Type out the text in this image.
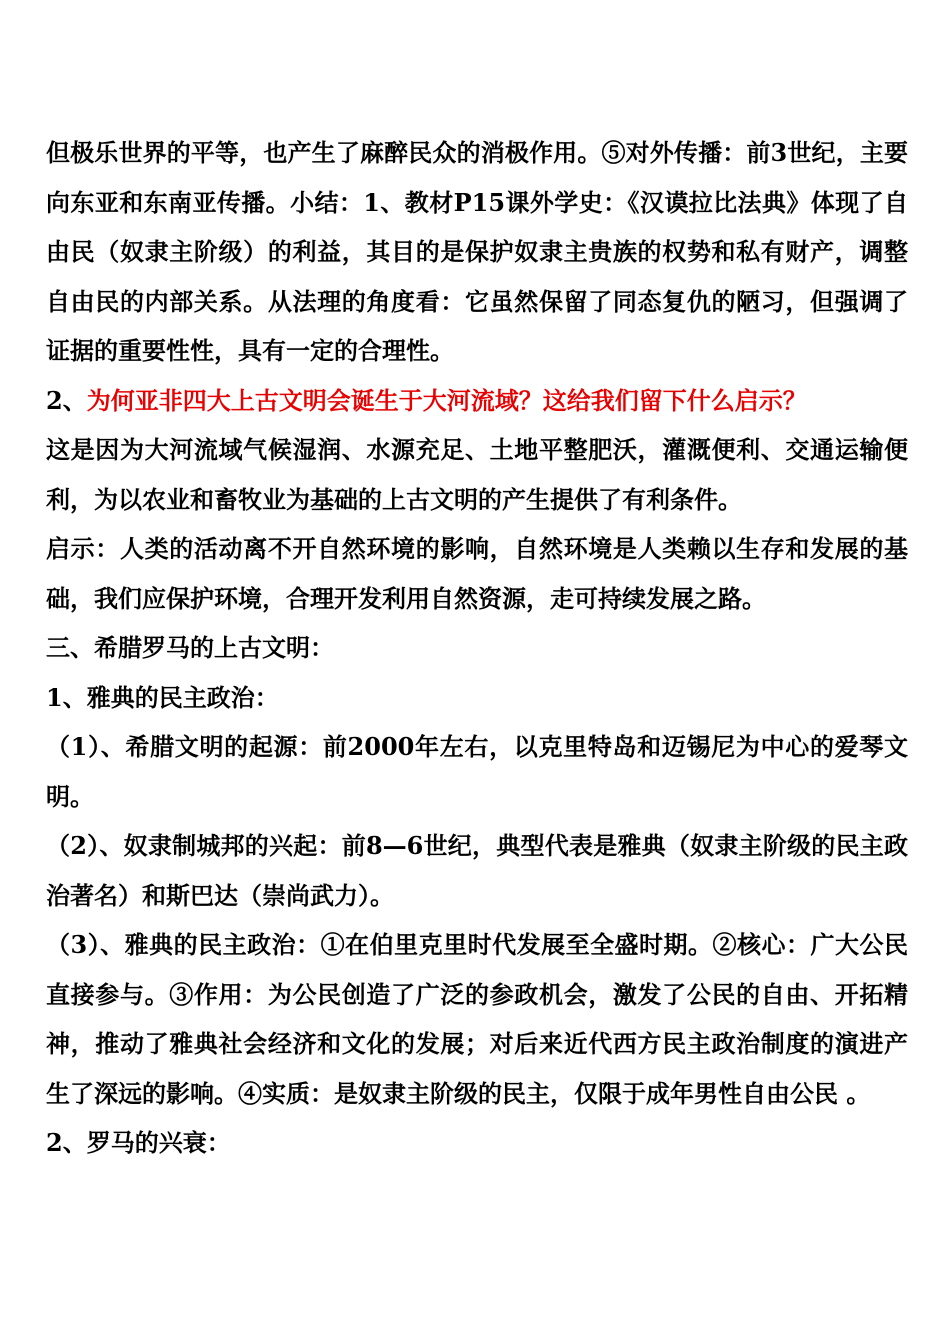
但极乐世界的平等，也产生了麻醉民众的消极作用。⑤对外传播：前3世纪，主要向东亚和东南亚传播。小结：1、教材P15课外学史：《汉谟拉比法典》体现了自由民（奴隶主阶级）的利益，其目的是保护奴隶主贵族的权势和私有财产，调整自由民的内部关系。从法理的角度看：它虽然保留了同态复仇的陋习，但强调了证据的重要性性，具有一定的合理性。

2、为何亚非四大上古文明会诞生于大河流域？这给我们留下什么启示？

这是因为大河流域气候湿润、水源充足、土地平整肥沃，灌溉便利、交通运输便利，为以农业和畜牧业为基础的上古文明的产生提供了有利条件。

启示：人类的活动离不开自然环境的影响，自然环境是人类赖以生存和发展的基础，我们应保护环境，合理开发利用自然资源，走可持续发展之路。

三、希腊罗马的上古文明：

1、雅典的民主政治：

（1）、希腊文明的起源：前2000年左右，以克里特岛和迈锡尼为中心的爱琴文明。

（2）、奴隶制城邦的兴起：前8—6世纪，典型代表是雅典（奴隶主阶级的民主政治著名）和斯巴达（崇尚武力）。

（3）、雅典的民主政治：①在伯里克里时代发展至全盛时期。②核心：广大公民直接参与。③作用：为公民创造了广泛的参政机会，激发了公民的自由、开拓精神，推动了雅典社会经济和文化的发展；对后来近代西方民主政治制度的演进产生了深远的影响。④实质：是奴隶主阶级的民主，仅限于成年男性自由公民 。

2、罗马的兴衰：
